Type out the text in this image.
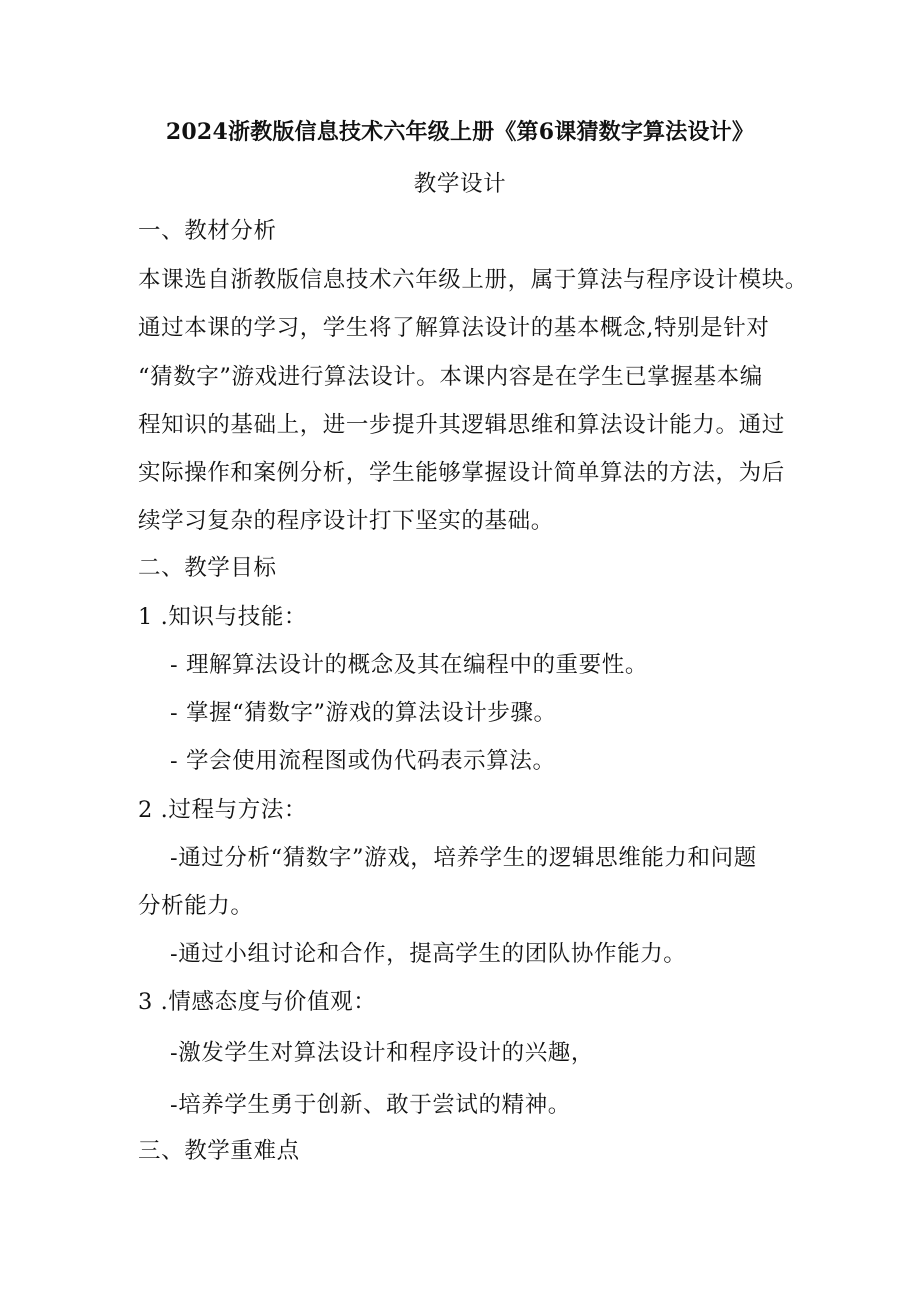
2024浙教版信息技术六年级上册《第6课猜数字算法设计》
教学设计
一、教材分析
本课选自浙教版信息技术六年级上册，属于算法与程序设计模块。
通过本课的学习，学生将了解算法设计的基本概念,特别是针对
“猜数字”游戏进行算法设计。本课内容是在学生已掌握基本编
程知识的基础上，进一步提升其逻辑思维和算法设计能力。通过
实际操作和案例分析，学生能够掌握设计简单算法的方法，为后
续学习复杂的程序设计打下坚实的基础。
二、教学目标
1 .知识与技能：
- 理解算法设计的概念及其在编程中的重要性。
- 掌握“猜数字”游戏的算法设计步骤。
- 学会使用流程图或伪代码表示算法。
2 .过程与方法：
-通过分析“猜数字”游戏，培养学生的逻辑思维能力和问题
分析能力。
-通过小组讨论和合作，提高学生的团队协作能力。
3 .情感态度与价值观：
-激发学生对算法设计和程序设计的兴趣，
-培养学生勇于创新、敢于尝试的精神。
三、教学重难点
